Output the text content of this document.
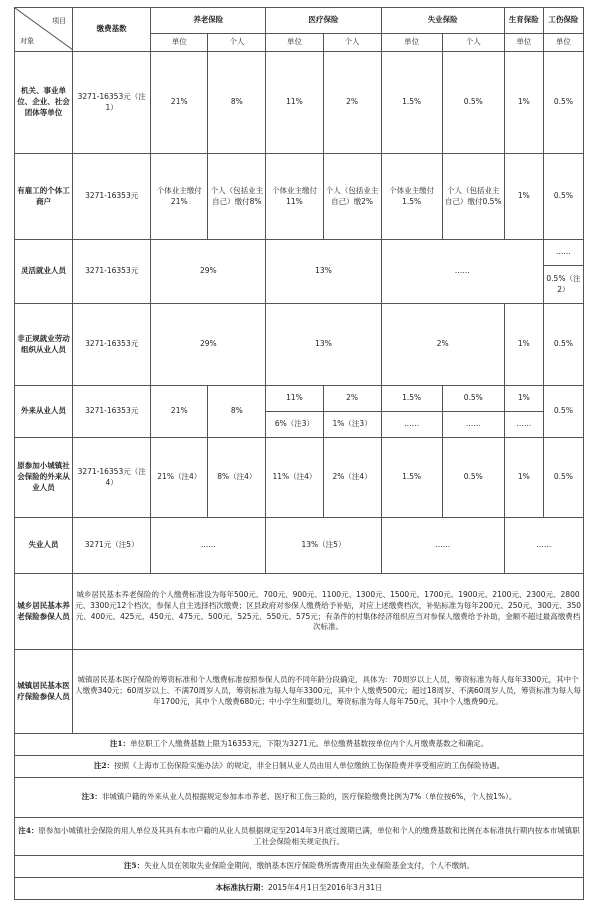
项目
对象	缴费基数	养老保险		医疗保险		失业保险		生育保险	工伤保险
		单位	个人	单位	个人	单位	个人	单位	单位
机关、事业单位、企业、社会团体等单位	3271-16353元（注1）	21%	8%	11%	2%	1.5%	0.5%	1%	0.5%
有雇工的个体工商户	3271-16353元	个体业主缴付21%	个人（包括业主自己）缴付8%	个体业主缴付11%	个人（包括业主自己）缴2%	个体业主缴付1.5%	个人（包括业主自己）缴付0.5%	1%	0.5%
灵活就业人员	3271-16353元	29%		13%		……			……
									0.5%（注2）
非正规就业劳动组织从业人员	3271-16353元	29%		13%		2%		1%	0.5%
外来从业人员	3271-16353元	21%	8%	11%	2%	1.5%	0.5%	1%	0.5%
				6%（注3）	1%（注3）	……	……	……	
原参加小城镇社会保险的外来从业人员	3271-16353元（注4）	21%（注4）	8%（注4）	11%（注4）	2%（注4）	1.5%	0.5%	1%	0.5%
失业人员	3271元（注5）	……		13%（注5）		……		……	
城乡居民基本养老保险参保人员	城乡居民基本养老保险的个人缴费标准设为每年500元、700元、900元、1100元、1300元、1500元、1700元、1900元、2100元、2300元、2800元、3300元12个档次，参保人自主选择档次缴费；区县政府对参保人缴费给予补贴，对应上述缴费档次，补贴标准为每年200元、250元、300元、350元、400元、425元、450元、475元、500元、525元、550元、575元；有条件的村集体经济组织应当对参保人缴费给予补助，金额不超过最高缴费档次标准。								
城镇居民基本医疗保险参保人员	城镇居民基本医疗保险的筹资标准和个人缴费标准按照参保人员的不同年龄分段确定，具体为：70周岁以上人员，筹资标准为每人每年3300元，其中个人缴费340元；60周岁以上、不满70周岁人员，筹资标准为每人每年3300元，其中个人缴费500元；超过18周岁、不满60周岁人员，筹资标准为每人每年1700元，其中个人缴费680元；中小学生和婴幼儿，筹资标准为每人每年750元，其中个人缴费90元。								
注1：单位职工个人缴费基数上限为16353元，下限为3271元。单位缴费基数按单位内个人月缴费基数之和确定。									
注2：按照《上海市工伤保险实施办法》的规定，非全日制从业人员由用人单位缴纳工伤保险费并享受相应的工伤保险待遇。									
注3：非城镇户籍的外来从业人员根据规定参加本市养老、医疗和工伤三险的，医疗保险缴费比例为7%（单位按6%，个人按1%）。									
注4：原参加小城镇社会保险的用人单位及其具有本市户籍的从业人员根据规定至2014年3月底过渡期已满，单位和个人的缴费基数和比例在本标准执行期内按本市城镇职工社会保险相关规定执行。									
注5：失业人员在领取失业保险金期间，缴纳基本医疗保险费所需费用由失业保险基金支付，个人不缴纳。									
本标准执行期：2015年4月1日至2016年3月31日									
